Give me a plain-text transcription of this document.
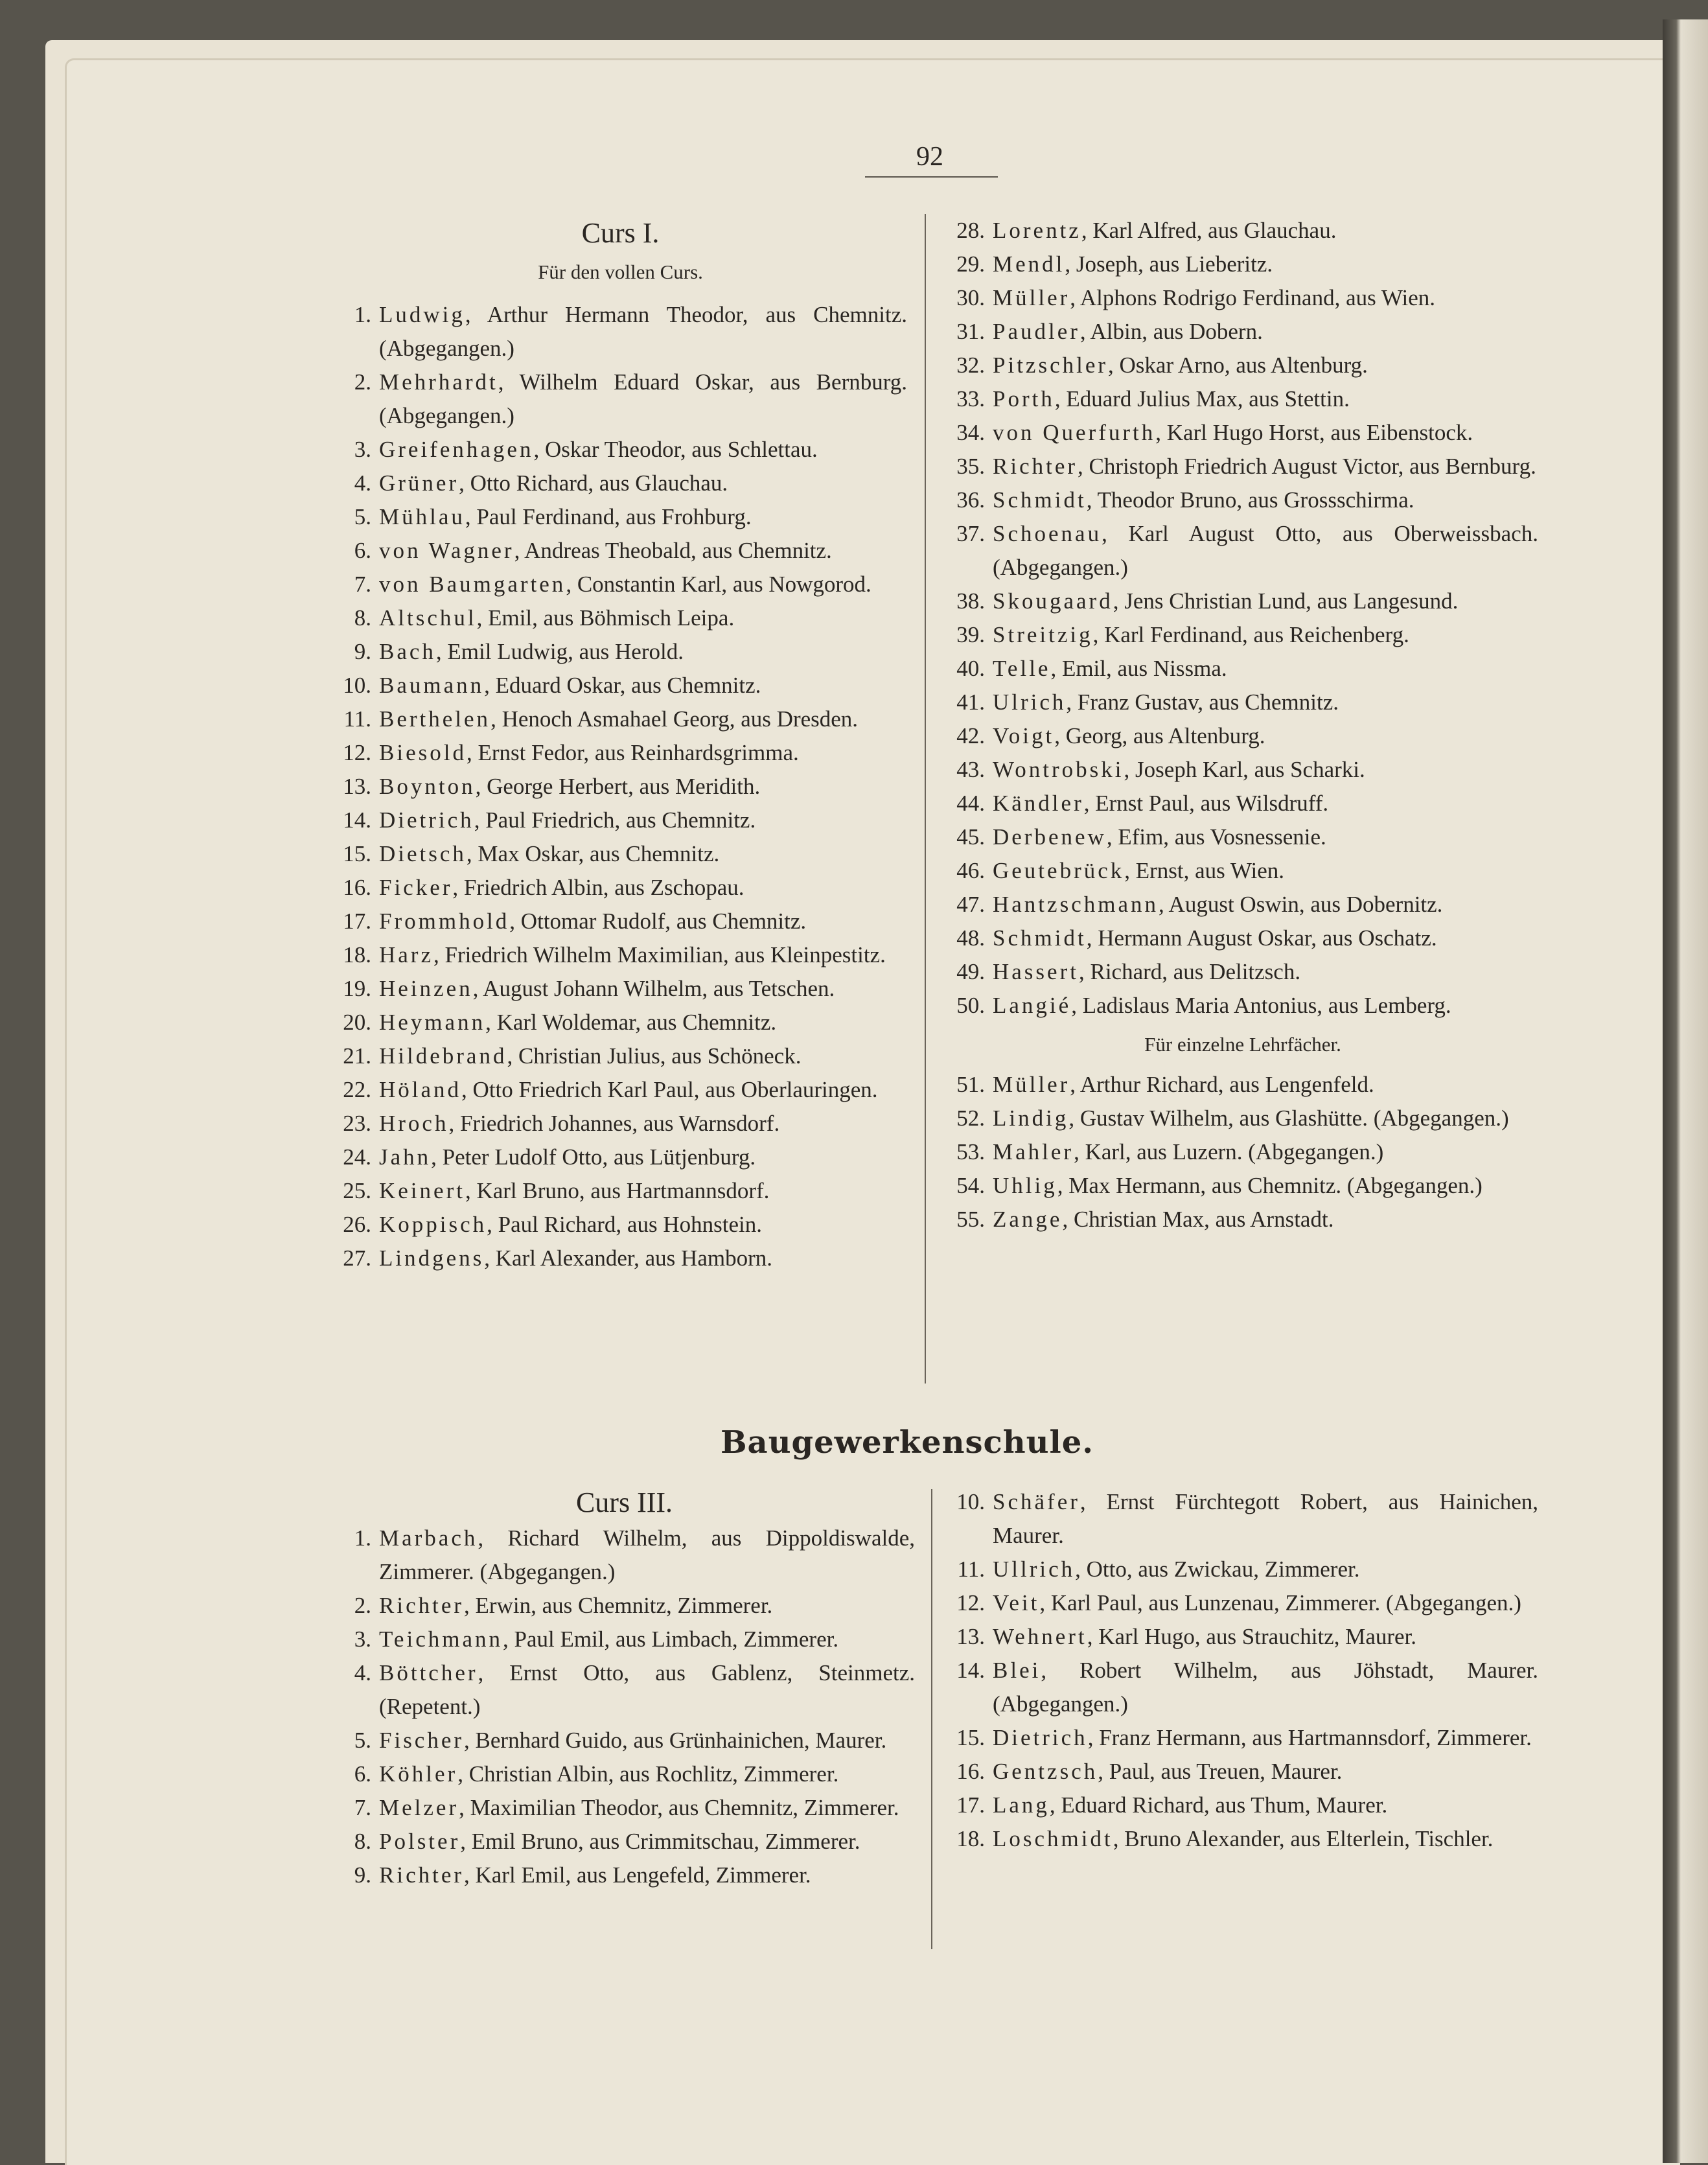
92
Curs I.
Für den vollen Curs.
1. Ludwig, Arthur Hermann Theodor, aus Chemnitz. (Abgegangen.)
2. Mehrhardt, Wilhelm Eduard Oskar, aus Bernburg. (Abgegangen.)
3. Greifenhagen, Oskar Theodor, aus Schlettau.
4. Grüner, Otto Richard, aus Glauchau.
5. Mühlau, Paul Ferdinand, aus Frohburg.
6. von Wagner, Andreas Theobald, aus Chemnitz.
7. von Baumgarten, Constantin Karl, aus Nowgorod.
8. Altschul, Emil, aus Böhmisch Leipa.
9. Bach, Emil Ludwig, aus Herold.
10. Baumann, Eduard Oskar, aus Chemnitz.
11. Berthelen, Henoch Asmahael Georg, aus Dresden.
12. Biesold, Ernst Fedor, aus Reinhardsgrimma.
13. Boynton, George Herbert, aus Meridith.
14. Dietrich, Paul Friedrich, aus Chemnitz.
15. Dietsch, Max Oskar, aus Chemnitz.
16. Ficker, Friedrich Albin, aus Zschopau.
17. Frommhold, Ottomar Rudolf, aus Chemnitz.
18. Harz, Friedrich Wilhelm Maximilian, aus Kleinpestitz.
19. Heinzen, August Johann Wilhelm, aus Tetschen.
20. Heymann, Karl Woldemar, aus Chemnitz.
21. Hildebrand, Christian Julius, aus Schöneck.
22. Höland, Otto Friedrich Karl Paul, aus Oberlauringen.
23. Hroch, Friedrich Johannes, aus Warnsdorf.
24. Jahn, Peter Ludolf Otto, aus Lütjenburg.
25. Keinert, Karl Bruno, aus Hartmannsdorf.
26. Koppisch, Paul Richard, aus Hohnstein.
27. Lindgens, Karl Alexander, aus Hamborn.
28. Lorentz, Karl Alfred, aus Glauchau.
29. Mendl, Joseph, aus Lieberitz.
30. Müller, Alphons Rodrigo Ferdinand, aus Wien.
31. Paudler, Albin, aus Dobern.
32. Pitzschler, Oskar Arno, aus Altenburg.
33. Porth, Eduard Julius Max, aus Stettin.
34. von Querfurth, Karl Hugo Horst, aus Eibenstock.
35. Richter, Christoph Friedrich August Victor, aus Bernburg.
36. Schmidt, Theodor Bruno, aus Grossschirma.
37. Schoenau, Karl August Otto, aus Oberweissbach. (Abgegangen.)
38. Skougaard, Jens Christian Lund, aus Langesund.
39. Streitzig, Karl Ferdinand, aus Reichenberg.
40. Telle, Emil, aus Nissma.
41. Ulrich, Franz Gustav, aus Chemnitz.
42. Voigt, Georg, aus Altenburg.
43. Wontrobski, Joseph Karl, aus Scharki.
44. Kändler, Ernst Paul, aus Wilsdruff.
45. Derbenew, Efim, aus Vosnessenie.
46. Geutebrück, Ernst, aus Wien.
47. Hantzschmann, August Oswin, aus Dobernitz.
48. Schmidt, Hermann August Oskar, aus Oschatz.
49. Hassert, Richard, aus Delitzsch.
50. Langié, Ladislaus Maria Antonius, aus Lemberg.
Für einzelne Lehrfächer.
51. Müller, Arthur Richard, aus Lengenfeld.
52. Lindig, Gustav Wilhelm, aus Glashütte. (Abgegangen.)
53. Mahler, Karl, aus Luzern. (Abgegangen.)
54. Uhlig, Max Hermann, aus Chemnitz. (Abgegangen.)
55. Zange, Christian Max, aus Arnstadt.
Baugewerkenschule.
Curs III.
1. Marbach, Richard Wilhelm, aus Dippoldiswalde, Zimmerer. (Abgegangen.)
2. Richter, Erwin, aus Chemnitz, Zimmerer.
3. Teichmann, Paul Emil, aus Limbach, Zimmerer.
4. Böttcher, Ernst Otto, aus Gablenz, Steinmetz. (Repetent.)
5. Fischer, Bernhard Guido, aus Grünhainichen, Maurer.
6. Köhler, Christian Albin, aus Rochlitz, Zimmerer.
7. Melzer, Maximilian Theodor, aus Chemnitz, Zimmerer.
8. Polster, Emil Bruno, aus Crimmitschau, Zimmerer.
9. Richter, Karl Emil, aus Lengefeld, Zimmerer.
10. Schäfer, Ernst Fürchtegott Robert, aus Hainichen, Maurer.
11. Ullrich, Otto, aus Zwickau, Zimmerer.
12. Veit, Karl Paul, aus Lunzenau, Zimmerer. (Abgegangen.)
13. Wehnert, Karl Hugo, aus Strauchitz, Maurer.
14. Blei, Robert Wilhelm, aus Jöhstadt, Maurer. (Abgegangen.)
15. Dietrich, Franz Hermann, aus Hartmannsdorf, Zimmerer.
16. Gentzsch, Paul, aus Treuen, Maurer.
17. Lang, Eduard Richard, aus Thum, Maurer.
18. Loschmidt, Bruno Alexander, aus Elterlein, Tischler.
